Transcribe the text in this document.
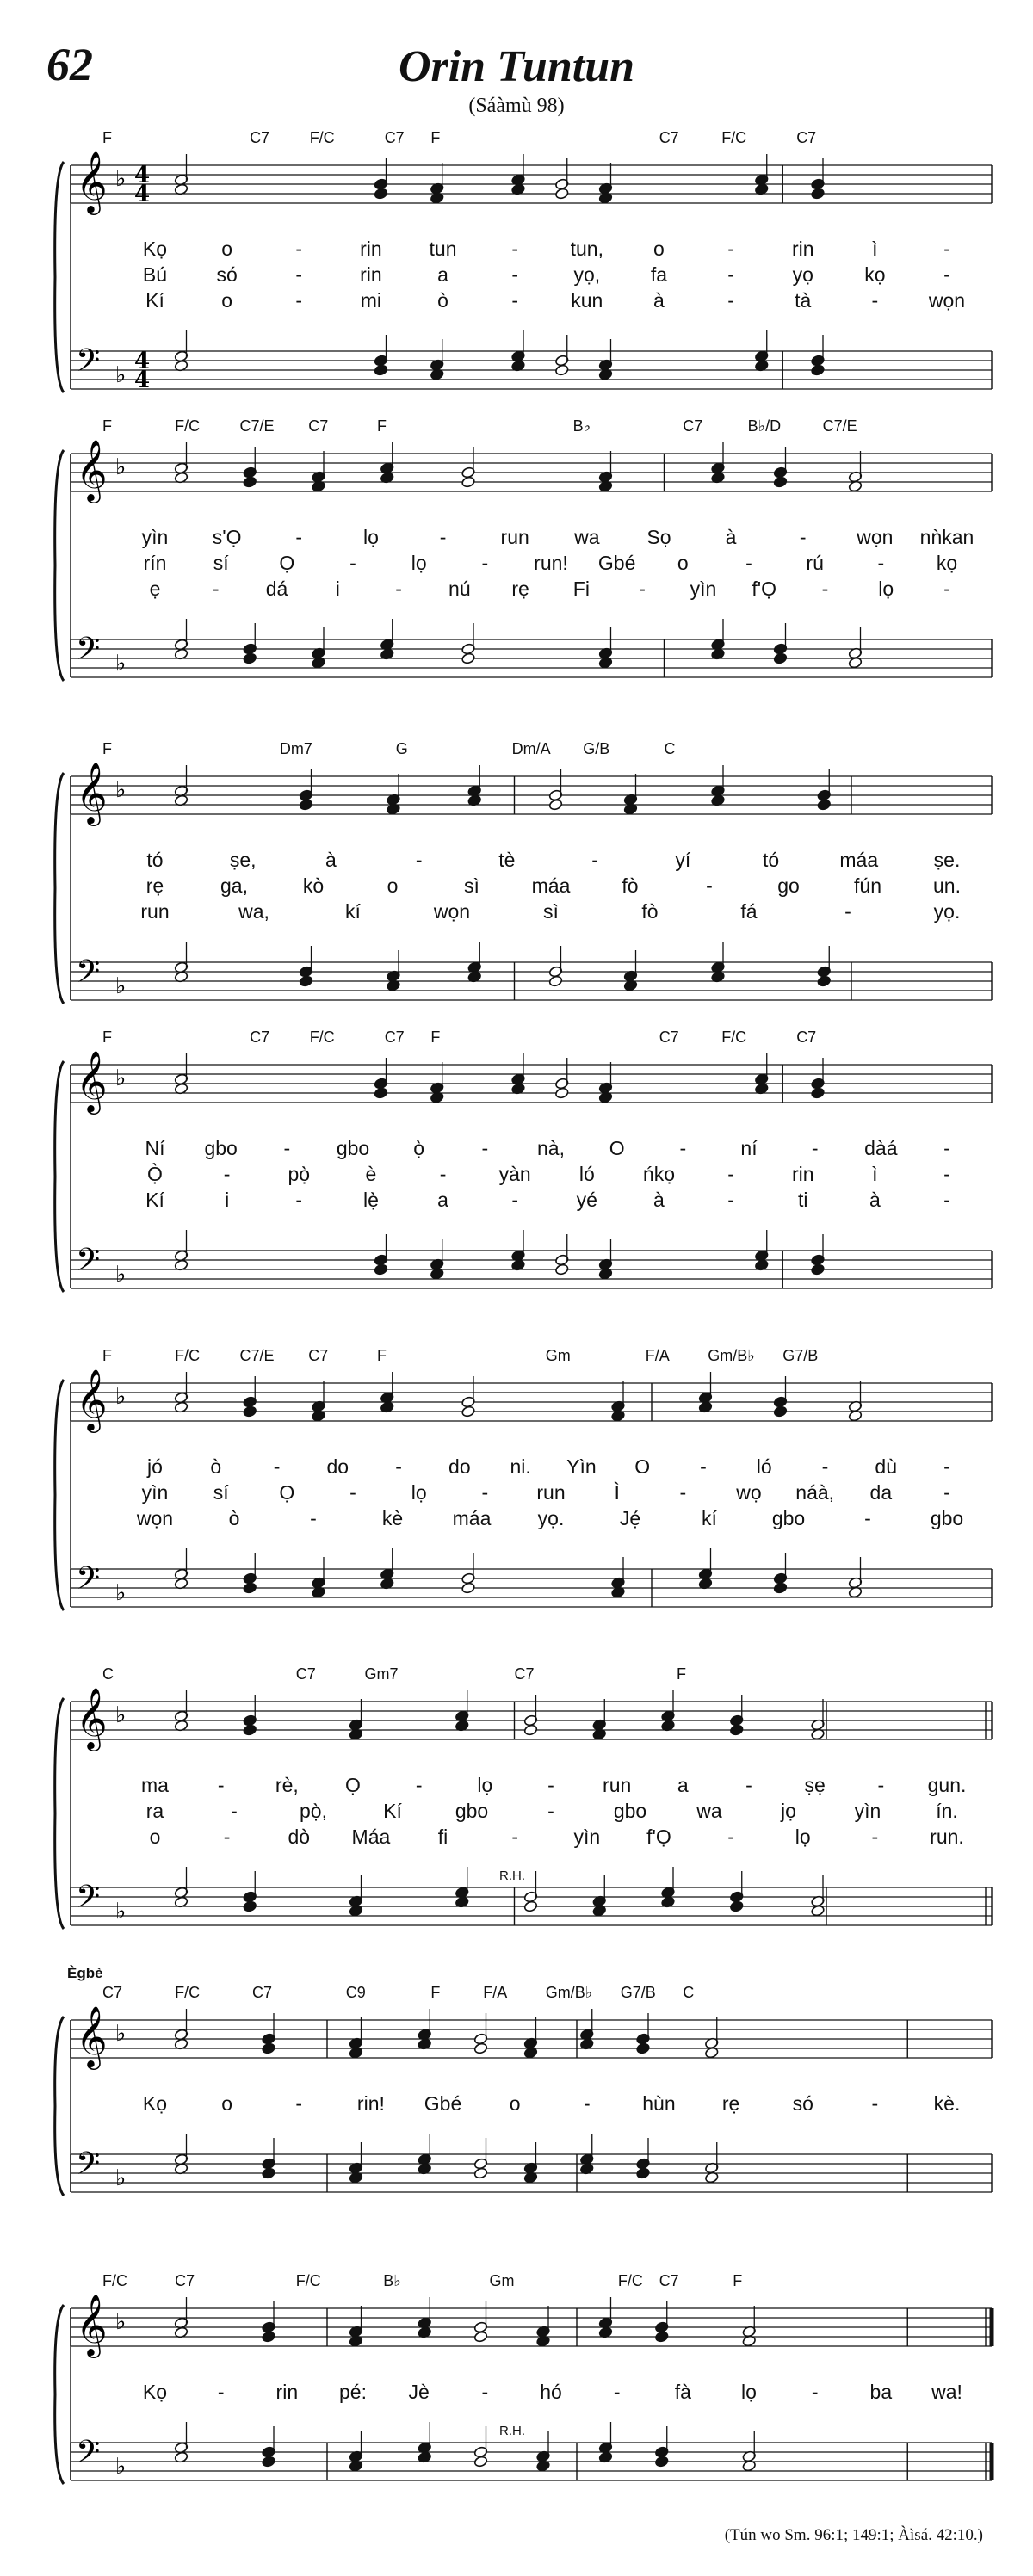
62	Orin Tuntun
(Sáàmù 98)
F	C7	F/C	C7 F	C7	F/C	C7
𝄞 ♭ 4
4
𝄢 ♭
4
4
Kọ	o	-	rin tun	-	tun,	o	-	rin	ì	-
Bú só	-	rin	a	-	yọ,	fa	-	yọ	kọ	-
Kí	o	-	mi	ò	-	kun	à	-	tà	-	wọn
F	F/C	C7/E C7	F	B♭	C7	B♭/D	C7/E
𝄞 ♭
𝄢 ♭
yìn s'Ọ	-	lọ	-	run wa Sọ	à	-	wọn nǹkan
rín sí	Ọ	-	lọ	- run! Gbé o	-	rú	-	kọ
ẹ	- dá i	- nú rẹ Fi - yìn f'Ọ -	lọ	-
F	Dm7	G	Dm/A G/B	C
𝄞 ♭
𝄢 ♭
tó	ṣe,	à	-	tè	-	yí	tó	máa	ṣe.
rẹ	ga,	kò	o	sì	máa	fò	-	go	fún	un.
run	wa,	kí	wọn	sì	fò	fá	-	yọ.
F	C7	F/C	C7 F	C7	F/C	C7
𝄞 ♭
𝄢 ♭
Ní gbo - gbo ọ̀	- nà, O	-	ní	- dàá -
Ọ̀	-	pọ̀	è	-	yàn ló ńkọ	-	rin	ì	-
Kí	i	-	lẹ̀	a	-	yé	à	-	ti	à	-
F	F/C	C7/E C7	F	Gm	F/A Gm/B♭ G7/B
𝄞 ♭
𝄢 ♭
jó ò	- do - do ni. Yìn O	-	ló	- dù -
yìn sí	Ọ	-	lọ	- run Ì	-	wọ náà, da	-
wọn	ò	-	kè máa yọ.	Jẹ́	kí	gbo	-	gbo
C	C7	Gm7	C7	F
𝄞 ♭
𝄢 ♭
R.H.
ma -	rè, Ọ	-	lọ	- run a	-	ṣẹ	- gun.
ra	-	pọ̀,	Kí	gbo	-	gbo	wa	jọ	yìn	ín.
o	-	dò Máa fi	-	yìn f'Ọ	-	lọ	-	run.
C7	F/C	C7	C9	F	F/A Gm/B♭ G7/B C
Ègbè
𝄞 ♭
𝄢 ♭
Kọ	o	-	rin! Gbé o	-	hùn rẹ	só	-	kè.
F/C	C7	F/C	B♭	Gm	F/C C7	F
𝄞 ♭
𝄢 ♭
R.H.
Kọ	-	rin pé: Jè	-	hó	-	fà	lọ	-	ba wa!
(Tún wo Sm. 96:1; 149:1; Àìsá. 42:10.)
